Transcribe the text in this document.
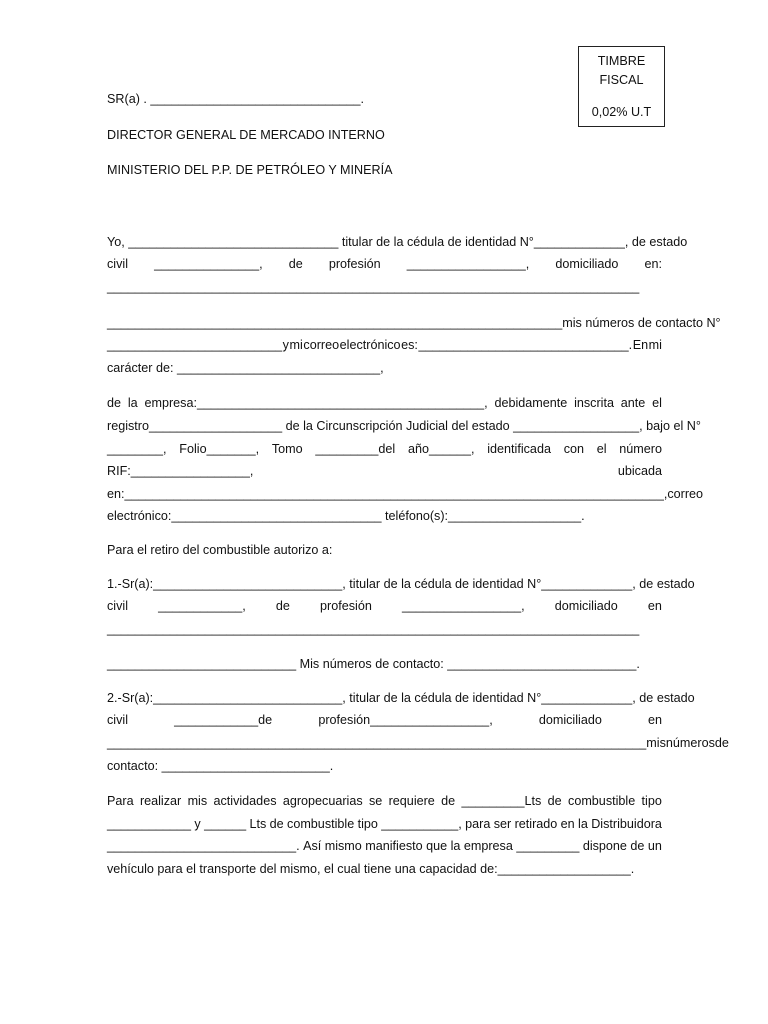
TIMBRE
FISCAL
0,02% U.T
SR(a) . ______________________________.
DIRECTOR GENERAL DE MERCADO INTERNO
MINISTERIO DEL P.P. DE PETRÓLEO Y MINERÍA
Yo, ______________________________ titular de la cédula de identidad N°_____________, de estado
civil _______________, de profesión _________________, domiciliado en:
____________________________________________________________________________
_________________________________________________________________mis números de contacto N°
_________________________ y mi correo electrónico es: ______________________________. En mi
carácter de: _____________________________,
de la empresa:_________________________________________, debidamente inscrita ante el
registro___________________ de la Circunscripción Judicial del estado __________________, bajo el N°
________, Folio_______, Tomo _________del año______, identificada con el número
RIF:_________________,	ubicada
en:_____________________________________________________________________________, correo
electrónico:______________________________ teléfono(s):___________________.
Para el retiro del combustible autorizo a:
1.-Sr(a):___________________________, titular de la cédula de identidad N°_____________, de estado
civil ____________, de profesión _________________, domiciliado en
____________________________________________________________________________
___________________________ Mis números de contacto: ___________________________.
2.-Sr(a):___________________________, titular de la cédula de identidad N°_____________, de estado
civil	____________de	profesión_________________,	domiciliado	en
_____________________________________________________________________________mis números de
contacto: ________________________.
Para realizar mis actividades agropecuarias se requiere de _________Lts de combustible tipo
____________ y ______ Lts de combustible tipo ___________, para ser retirado en la Distribuidora
___________________________. Así mismo manifiesto que la empresa _________ dispone de un
vehículo para el transporte del mismo, el cual tiene una capacidad de:___________________.
